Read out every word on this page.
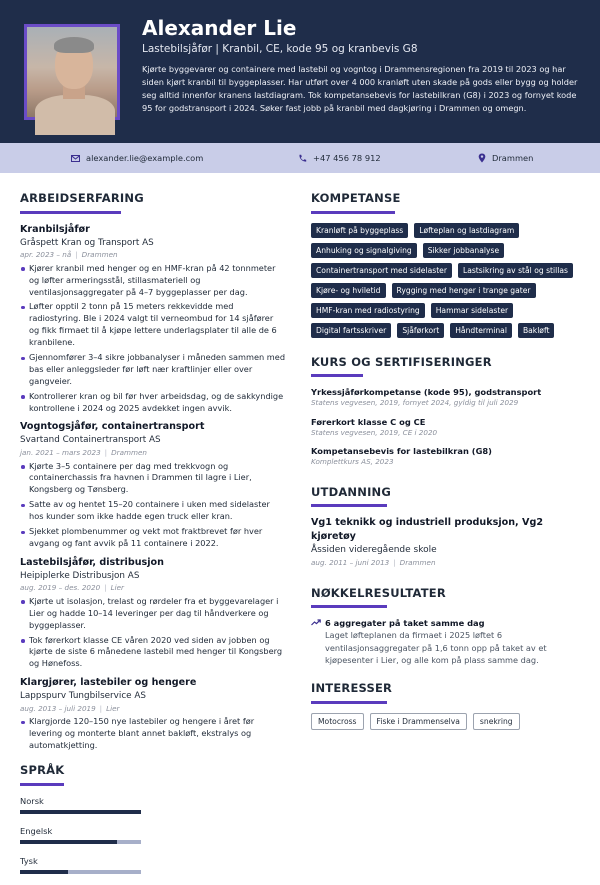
Alexander Lie
Lastebilsjåfør | Kranbil, CE, kode 95 og kranbevis G8
Kjørte byggevarer og containere med lastebil og vogntog i Drammensregionen fra 2019 til 2023 og har siden kjørt kranbil til byggeplasser. Har utført over 4 000 kranløft uten skade på gods eller bygg og holder seg alltid innenfor kranens lastdiagram. Tok kompetansebevis for lastebilkran (G8) i 2023 og fornyet kode 95 for godstransport i 2024. Søker fast jobb på kranbil med dagkjøring i Drammen og omegn.
alexander.lie@example.com	+47 456 78 912	Drammen
ARBEIDSERFARING
Kranbilsjåfør
Gråspett Kran og Transport AS
apr. 2023 – nå | Drammen
Kjører kranbil med henger og en HMF-kran på 42 tonnmeter og løfter armeringsstål, stillasmateriell og ventilasjonsaggregater på 4–7 byggeplasser per dag.
Løfter opptil 2 tonn på 15 meters rekkevidde med radiostyring. Ble i 2024 valgt til verneombud for 14 sjåfører og fikk firmaet til å kjøpe lettere underlagsplater til alle de 6 kranbilene.
Gjennomfører 3–4 sikre jobbanalyser i måneden sammen med bas eller anleggsleder før løft nær kraftlinjer eller over gangveier.
Kontrollerer kran og bil før hver arbeidsdag, og de sakkyndige kontrollene i 2024 og 2025 avdekket ingen avvik.
Vogntogsjåfør, containertransport
Svartand Containertransport AS
jan. 2021 – mars 2023 | Drammen
Kjørte 3–5 containere per dag med trekkvogn og containerchassis fra havnen i Drammen til lagre i Lier, Kongsberg og Tønsberg.
Satte av og hentet 15–20 containere i uken med sidelaster hos kunder som ikke hadde egen truck eller kran.
Sjekket plombenummer og vekt mot fraktbrevet før hver avgang og fant avvik på 11 containere i 2022.
Lastebilsjåfør, distribusjon
Heipiplerke Distribusjon AS
aug. 2019 – des. 2020 | Lier
Kjørte ut isolasjon, trelast og rørdeler fra et byggevarelager i Lier og hadde 10–14 leveringer per dag til håndverkere og byggeplasser.
Tok førerkort klasse CE våren 2020 ved siden av jobben og kjørte de siste 6 månedene lastebil med henger til Kongsberg og Hønefoss.
Klargjører, lastebiler og hengere
Lappspurv Tungbilservice AS
aug. 2013 – juli 2019 | Lier
Klargjorde 120–150 nye lastebiler og hengere i året før levering og monterte blant annet bakløft, ekstralys og automatkjetting.
SPRÅK
Norsk
Engelsk
Tysk
KOMPETANSE
Kranløft på byggeplass	Løfteplan og lastdiagram
Anhuking og signalgiving	Sikker jobbanalyse
Containertransport med sidelaster	Lastsikring av stål og stillas
Kjøre- og hviletid	Rygging med henger i trange gater
HMF-kran med radiostyring	Hammar sidelaster
Digital fartsskriver	Sjåførkort	Håndterminal	Bakløft
KURS OG SERTIFISERINGER
Yrkessjåførkompetanse (kode 95), godstransport
Statens vegvesen, 2019, fornyet 2024, gyldig til juli 2029
Førerkort klasse C og CE
Statens vegvesen, 2019, CE i 2020
Kompetansebevis for lastebilkran (G8)
Komplettkurs AS, 2023
UTDANNING
Vg1 teknikk og industriell produksjon, Vg2 kjøretøy
Åssiden videregående skole
aug. 2011 – juni 2013 | Drammen
NØKKELRESULTATER
6 aggregater på taket samme dag
Laget løfteplanen da firmaet i 2025 løftet 6 ventilasjonsaggregater på 1,6 tonn opp på taket av et kjøpesenter i Lier, og alle kom på plass samme dag.
INTERESSER
Motocross	Fiske i Drammenselva	snekring
